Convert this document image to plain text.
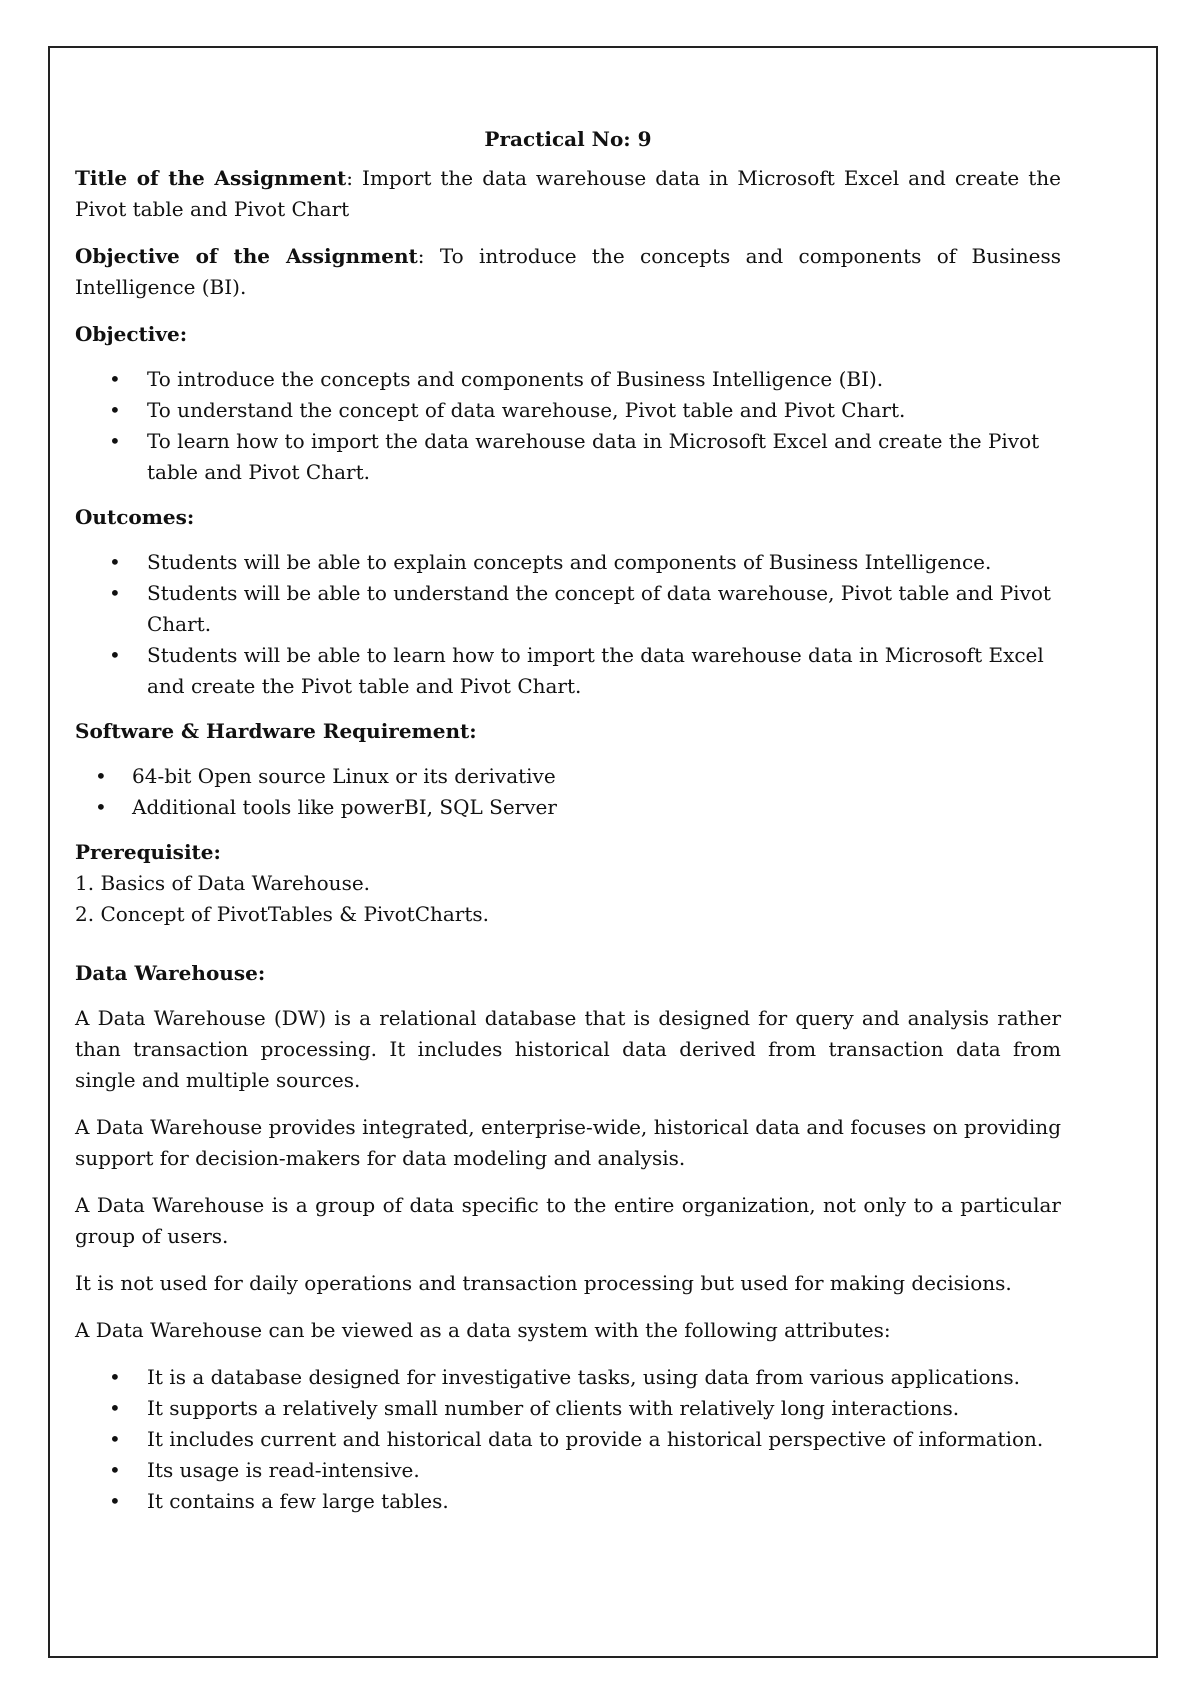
Practical No: 9

Title of the Assignment: Import the data warehouse data in Microsoft Excel and create the Pivot table and Pivot Chart

Objective of the Assignment: To introduce the concepts and components of Business Intelligence (BI).

Objective:
• To introduce the concepts and components of Business Intelligence (BI).
• To understand the concept of data warehouse, Pivot table and Pivot Chart.
• To learn how to import the data warehouse data in Microsoft Excel and create the Pivot table and Pivot Chart.
Outcomes:
• Students will be able to explain concepts and components of Business Intelligence.
• Students will be able to understand the concept of data warehouse, Pivot table and Pivot Chart.
• Students will be able to learn how to import the data warehouse data in Microsoft Excel and create the Pivot table and Pivot Chart.
Software & Hardware Requirement:
• 64-bit Open source Linux or its derivative
• Additional tools like powerBI, SQL Server
Prerequisite:
1. Basics of Data Warehouse.
2. Concept of PivotTables & PivotCharts.
Data Warehouse:

A Data Warehouse (DW) is a relational database that is designed for query and analysis rather than transaction processing. It includes historical data derived from transaction data from single and multiple sources.

A Data Warehouse provides integrated, enterprise-wide, historical data and focuses on providing support for decision-makers for data modeling and analysis.

A Data Warehouse is a group of data specific to the entire organization, not only to a particular group of users.

It is not used for daily operations and transaction processing but used for making decisions.

A Data Warehouse can be viewed as a data system with the following attributes:

• It is a database designed for investigative tasks, using data from various applications.
• It supports a relatively small number of clients with relatively long interactions.
• It includes current and historical data to provide a historical perspective of information.
• Its usage is read-intensive.
• It contains a few large tables.
